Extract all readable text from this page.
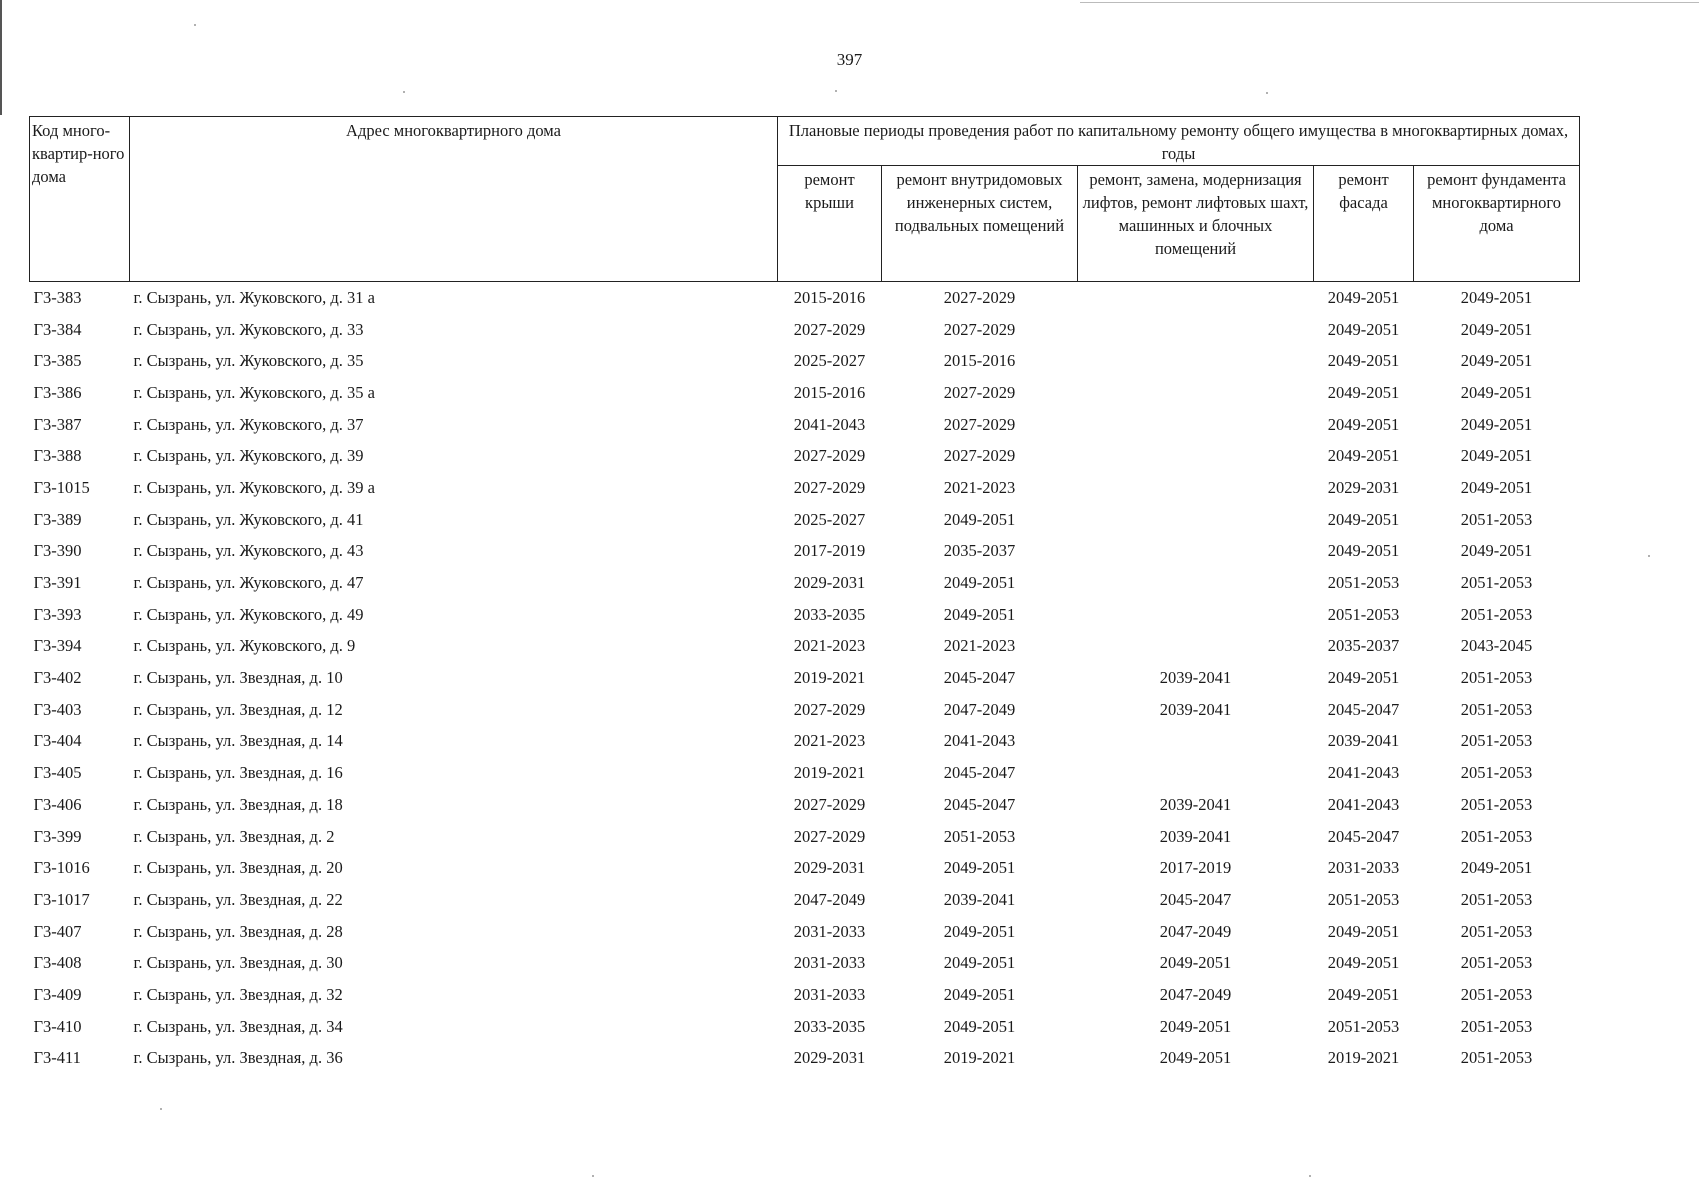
397
Код много-квартир-ного дома	Адрес многоквартирного дома	Плановые периоды проведения работ по капитальному ремонту общего имущества в многоквартирных домах, годы				
		ремонт крыши	ремонт внутридомовых инженерных систем, подвальных помещений	ремонт, замена, модернизация лифтов, ремонт лифтовых шахт, машинных и блочных помещений	ремонт фасада	ремонт фундамента многоквартирного дома
Г3-383	г. Сызрань, ул. Жуковского, д. 31 а	2015-2016	2027-2029		2049-2051	2049-2051
Г3-384	г. Сызрань, ул. Жуковского, д. 33	2027-2029	2027-2029		2049-2051	2049-2051
Г3-385	г. Сызрань, ул. Жуковского, д. 35	2025-2027	2015-2016		2049-2051	2049-2051
Г3-386	г. Сызрань, ул. Жуковского, д. 35 а	2015-2016	2027-2029		2049-2051	2049-2051
Г3-387	г. Сызрань, ул. Жуковского, д. 37	2041-2043	2027-2029		2049-2051	2049-2051
Г3-388	г. Сызрань, ул. Жуковского, д. 39	2027-2029	2027-2029		2049-2051	2049-2051
Г3-1015	г. Сызрань, ул. Жуковского, д. 39 а	2027-2029	2021-2023		2029-2031	2049-2051
Г3-389	г. Сызрань, ул. Жуковского, д. 41	2025-2027	2049-2051		2049-2051	2051-2053
Г3-390	г. Сызрань, ул. Жуковского, д. 43	2017-2019	2035-2037		2049-2051	2049-2051
Г3-391	г. Сызрань, ул. Жуковского, д. 47	2029-2031	2049-2051		2051-2053	2051-2053
Г3-393	г. Сызрань, ул. Жуковского, д. 49	2033-2035	2049-2051		2051-2053	2051-2053
Г3-394	г. Сызрань, ул. Жуковского, д. 9	2021-2023	2021-2023		2035-2037	2043-2045
Г3-402	г. Сызрань, ул. Звездная, д. 10	2019-2021	2045-2047	2039-2041	2049-2051	2051-2053
Г3-403	г. Сызрань, ул. Звездная, д. 12	2027-2029	2047-2049	2039-2041	2045-2047	2051-2053
Г3-404	г. Сызрань, ул. Звездная, д. 14	2021-2023	2041-2043		2039-2041	2051-2053
Г3-405	г. Сызрань, ул. Звездная, д. 16	2019-2021	2045-2047		2041-2043	2051-2053
Г3-406	г. Сызрань, ул. Звездная, д. 18	2027-2029	2045-2047	2039-2041	2041-2043	2051-2053
Г3-399	г. Сызрань, ул. Звездная, д. 2	2027-2029	2051-2053	2039-2041	2045-2047	2051-2053
Г3-1016	г. Сызрань, ул. Звездная, д. 20	2029-2031	2049-2051	2017-2019	2031-2033	2049-2051
Г3-1017	г. Сызрань, ул. Звездная, д. 22	2047-2049	2039-2041	2045-2047	2051-2053	2051-2053
Г3-407	г. Сызрань, ул. Звездная, д. 28	2031-2033	2049-2051	2047-2049	2049-2051	2051-2053
Г3-408	г. Сызрань, ул. Звездная, д. 30	2031-2033	2049-2051	2049-2051	2049-2051	2051-2053
Г3-409	г. Сызрань, ул. Звездная, д. 32	2031-2033	2049-2051	2047-2049	2049-2051	2051-2053
Г3-410	г. Сызрань, ул. Звездная, д. 34	2033-2035	2049-2051	2049-2051	2051-2053	2051-2053
Г3-411	г. Сызрань, ул. Звездная, д. 36	2029-2031	2019-2021	2049-2051	2019-2021	2051-2053
